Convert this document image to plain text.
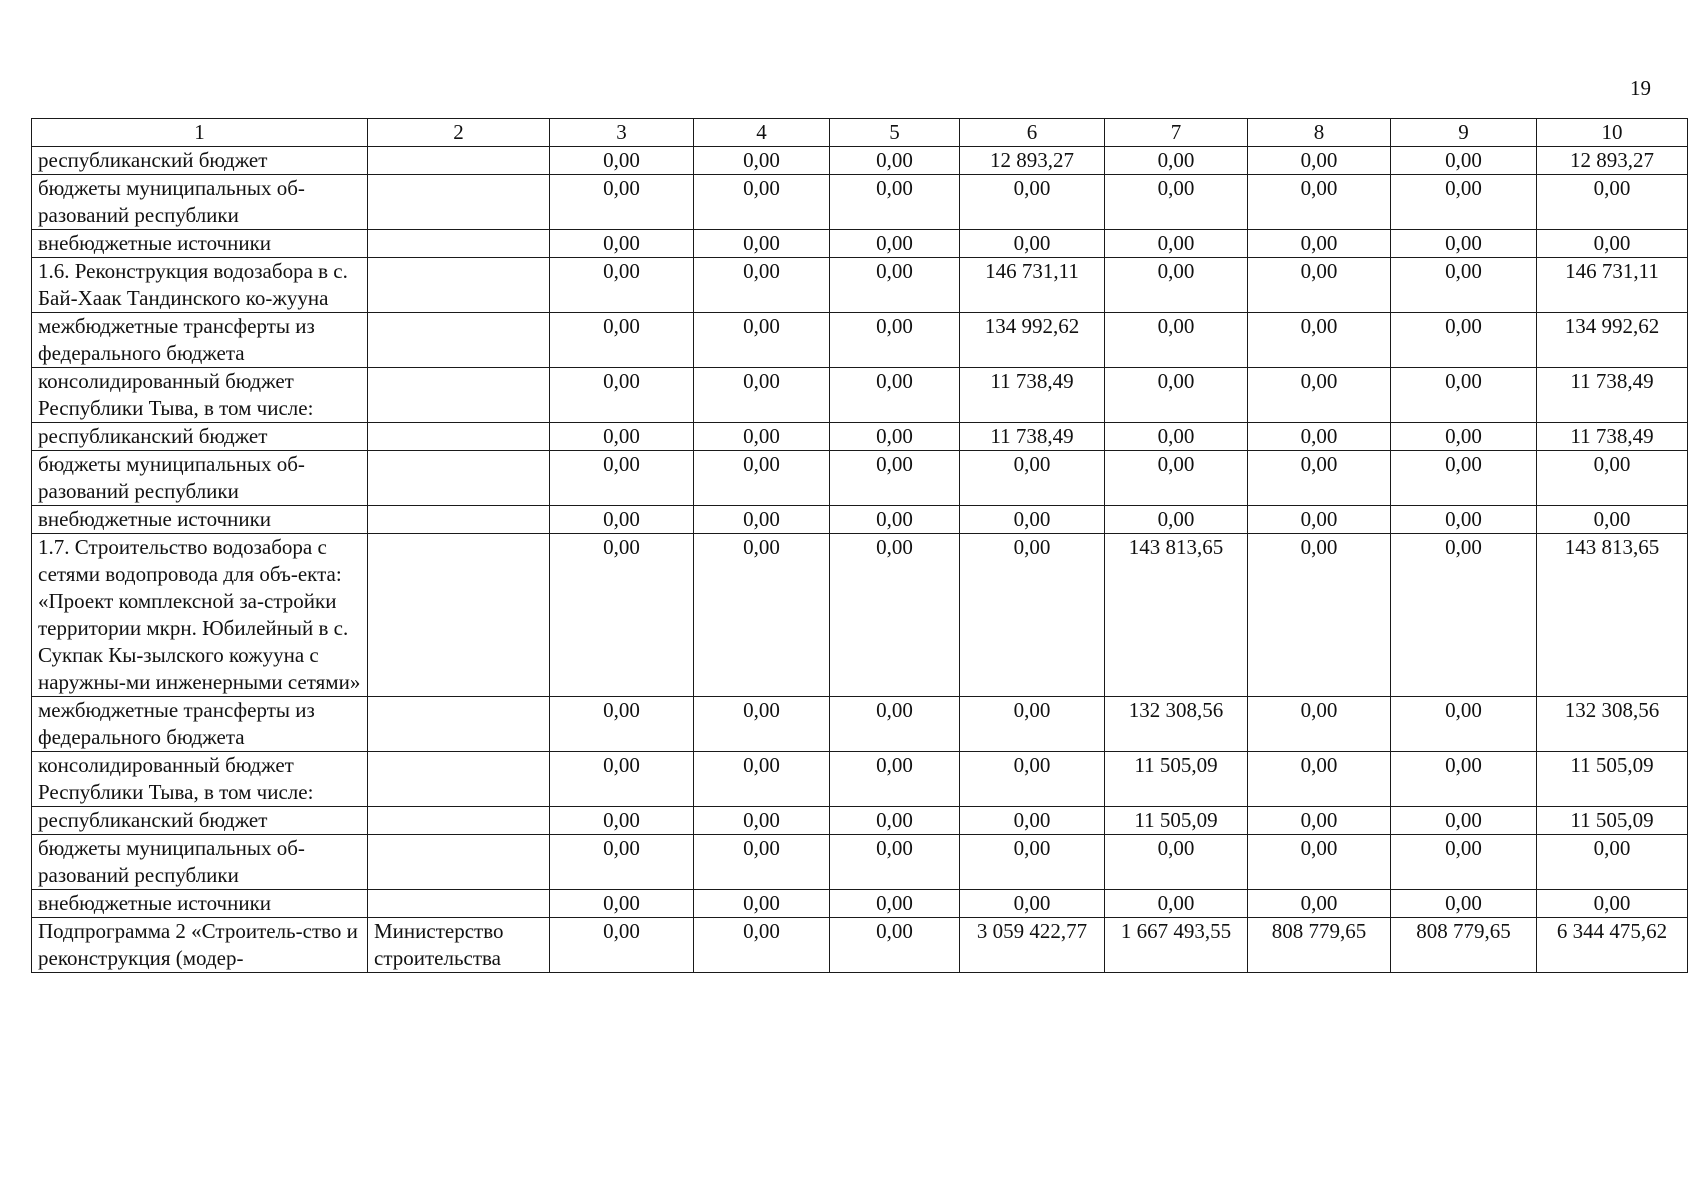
19
1	2	3	4	5	6	7	8	9	10
республиканский бюджет		0,00	0,00	0,00	12 893,27	0,00	0,00	0,00	12 893,27
бюджеты муниципальных об-разований республики		0,00	0,00	0,00	0,00	0,00	0,00	0,00	0,00
внебюджетные источники		0,00	0,00	0,00	0,00	0,00	0,00	0,00	0,00
1.6. Реконструкция водозабора в с. Бай-Хаак Тандинского ко-жууна		0,00	0,00	0,00	146 731,11	0,00	0,00	0,00	146 731,11
межбюджетные трансферты из федерального бюджета		0,00	0,00	0,00	134 992,62	0,00	0,00	0,00	134 992,62
консолидированный бюджет Республики Тыва, в том числе:		0,00	0,00	0,00	11 738,49	0,00	0,00	0,00	11 738,49
республиканский бюджет		0,00	0,00	0,00	11 738,49	0,00	0,00	0,00	11 738,49
бюджеты муниципальных об-разований республики		0,00	0,00	0,00	0,00	0,00	0,00	0,00	0,00
внебюджетные источники		0,00	0,00	0,00	0,00	0,00	0,00	0,00	0,00
1.7. Строительство водозабора с сетями водопровода для объ-екта: «Проект комплексной за-стройки территории мкрн. Юбилейный в с. Сукпак Кы-зылского кожууна с наружны-ми инженерными сетями»		0,00	0,00	0,00	0,00	143 813,65	0,00	0,00	143 813,65
межбюджетные трансферты из федерального бюджета		0,00	0,00	0,00	0,00	132 308,56	0,00	0,00	132 308,56
консолидированный бюджет Республики Тыва, в том числе:		0,00	0,00	0,00	0,00	11 505,09	0,00	0,00	11 505,09
республиканский бюджет		0,00	0,00	0,00	0,00	11 505,09	0,00	0,00	11 505,09
бюджеты муниципальных об-разований республики		0,00	0,00	0,00	0,00	0,00	0,00	0,00	0,00
внебюджетные источники		0,00	0,00	0,00	0,00	0,00	0,00	0,00	0,00
Подпрограмма 2 «Строитель-ство и реконструкция (модер-	Министерство строительства	0,00	0,00	0,00	3 059 422,77	1 667 493,55	808 779,65	808 779,65	6 344 475,62
